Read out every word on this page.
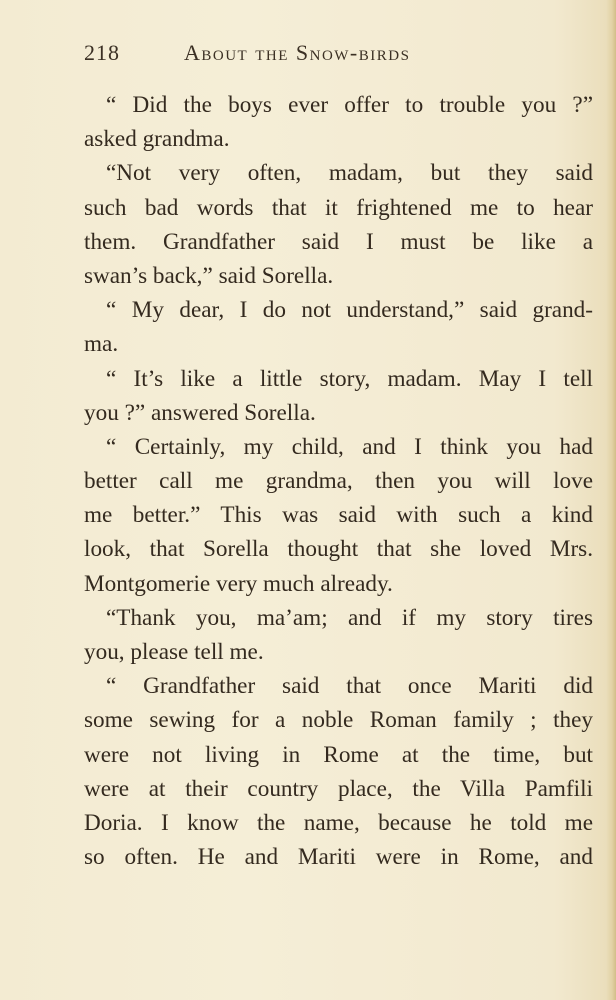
218	About the Snow-birds
“ Did the boys ever offer to trouble you ?”
asked grandma.
“Not very often, madam, but they said
such bad words that it frightened me to hear
them. Grandfather said I must be like a
swan’s back,” said Sorella.
“ My dear, I do not understand,” said grand-
ma.
“ It’s like a little story, madam. May I tell
you ?” answered Sorella.
“ Certainly, my child, and I think you had
better call me grandma, then you will love
me better.” This was said with such a kind
look, that Sorella thought that she loved Mrs.
Montgomerie very much already.
“Thank you, ma’am; and if my story tires
you, please tell me.
“ Grandfather said that once Mariti did
some sewing for a noble Roman family ; they
were not living in Rome at the time, but
were at their country place, the Villa Pamfili
Doria. I know the name, because he told me
so often. He and Mariti were in Rome, and
